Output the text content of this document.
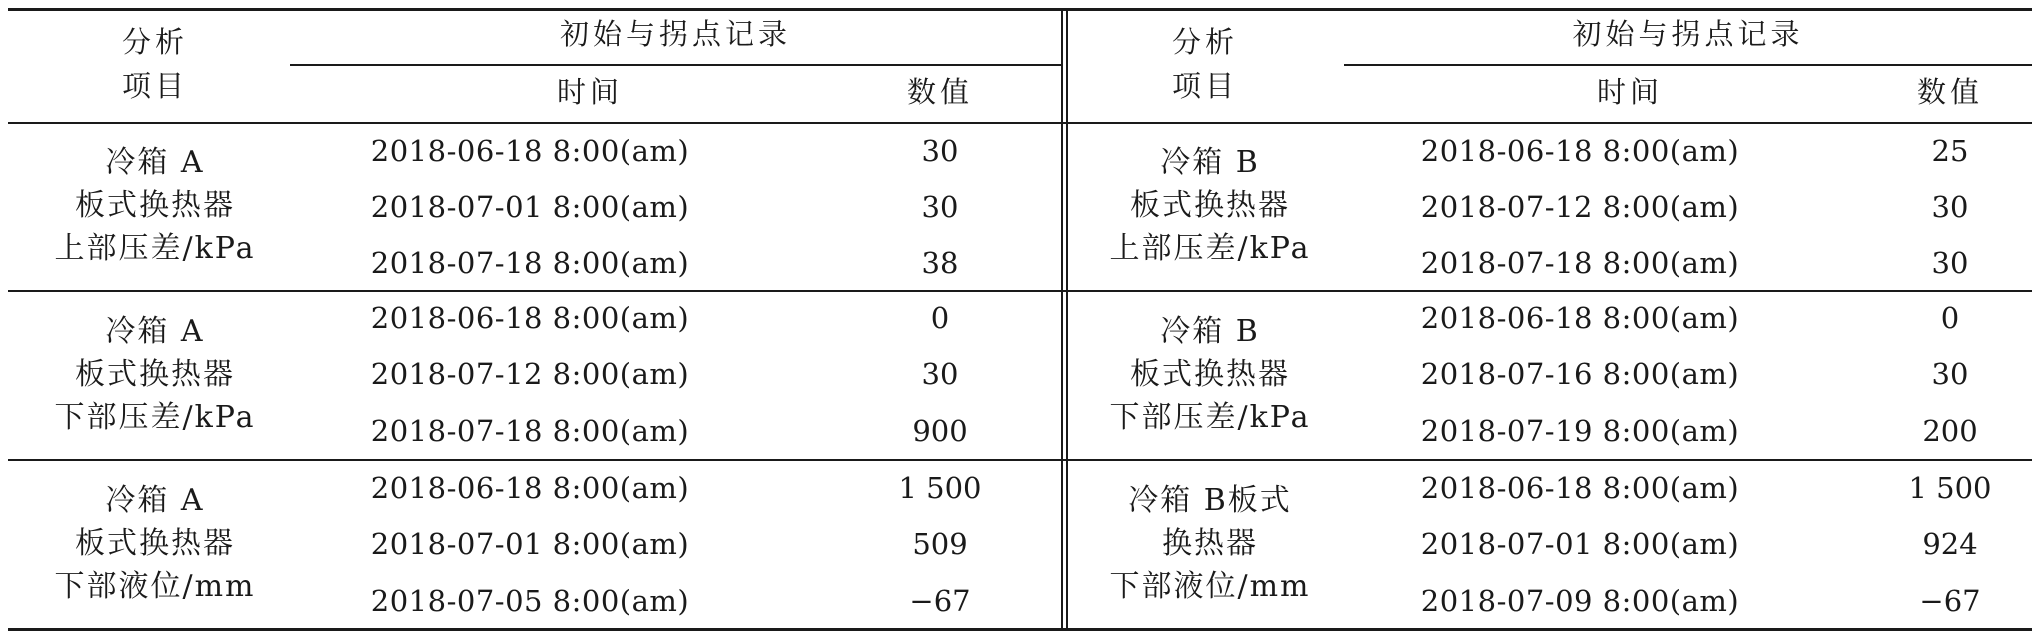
分析
项目
初始与拐点记录
时间	数值
分析
项目
初始与拐点记录
时间	数值
冷箱 A
板式换热器
上部压差/kPa
2018-06-18 8:00(am)	30
2018-07-01 8:00(am)	30
2018-07-18 8:00(am)	38
冷箱 A
板式换热器
下部压差/kPa
2018-06-18 8:00(am)	0
2018-07-12 8:00(am)	30
2018-07-18 8:00(am)	900
冷箱 A
板式换热器
下部液位/mm
2018-06-18 8:00(am)	1 500
2018-07-01 8:00(am)	509
2018-07-05 8:00(am)	−67
冷箱 B
板式换热器
上部压差/kPa
2018-06-18 8:00(am)	25
2018-07-12 8:00(am)	30
2018-07-18 8:00(am)	30
冷箱 B
板式换热器
下部压差/kPa
2018-06-18 8:00(am)	0
2018-07-16 8:00(am)	30
2018-07-19 8:00(am)	200
冷箱 B板式
换热器
下部液位/mm
2018-06-18 8:00(am)	1 500
2018-07-01 8:00(am)	924
2018-07-09 8:00(am)	−67
